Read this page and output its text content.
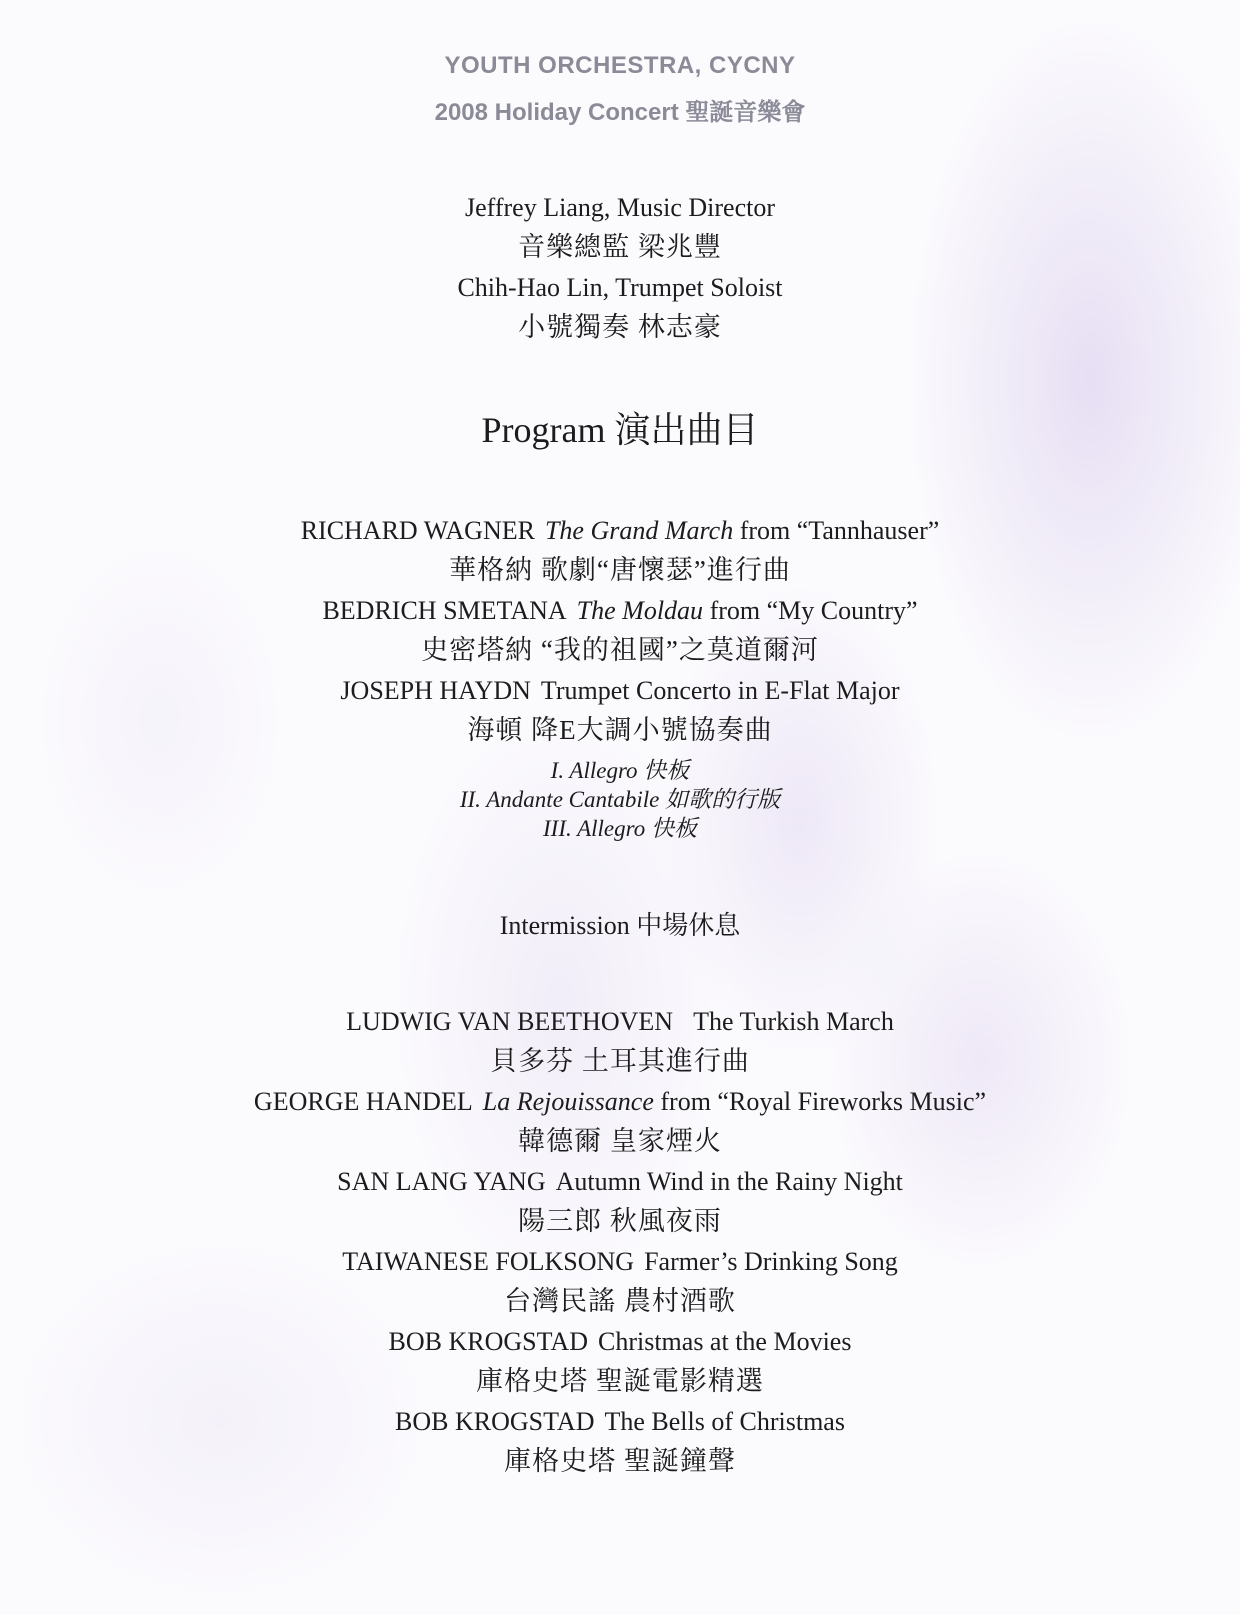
YOUTH ORCHESTRA, CYCNY

2008 Holiday Concert 聖誕音樂會

Jeffrey Liang, Music Director

音樂總監 梁兆豐

Chih-Hao Lin, Trumpet Soloist

小號獨奏 林志豪

Program 演出曲目

RICHARD WAGNER The Grand March from “Tannhauser”

華格納 歌劇“唐懷瑟”進行曲

BEDRICH SMETANA The Moldau from “My Country”

史密塔納 “我的祖國”之莫道爾河

JOSEPH HAYDN Trumpet Concerto in E-Flat Major

海頓 降E大調小號協奏曲

I. Allegro 快板

II. Andante Cantabile 如歌的行版

III. Allegro 快板

Intermission 中場休息

LUDWIG VAN BEETHOVEN The Turkish March

貝多芬 土耳其進行曲

GEORGE HANDEL La Rejouissance from “Royal Fireworks Music”

韓德爾 皇家煙火

SAN LANG YANG Autumn Wind in the Rainy Night

陽三郎 秋風夜雨

TAIWANESE FOLKSONG Farmer’s Drinking Song

台灣民謠 農村酒歌

BOB KROGSTAD Christmas at the Movies

庫格史塔 聖誕電影精選

BOB KROGSTAD The Bells of Christmas

庫格史塔 聖誕鐘聲
